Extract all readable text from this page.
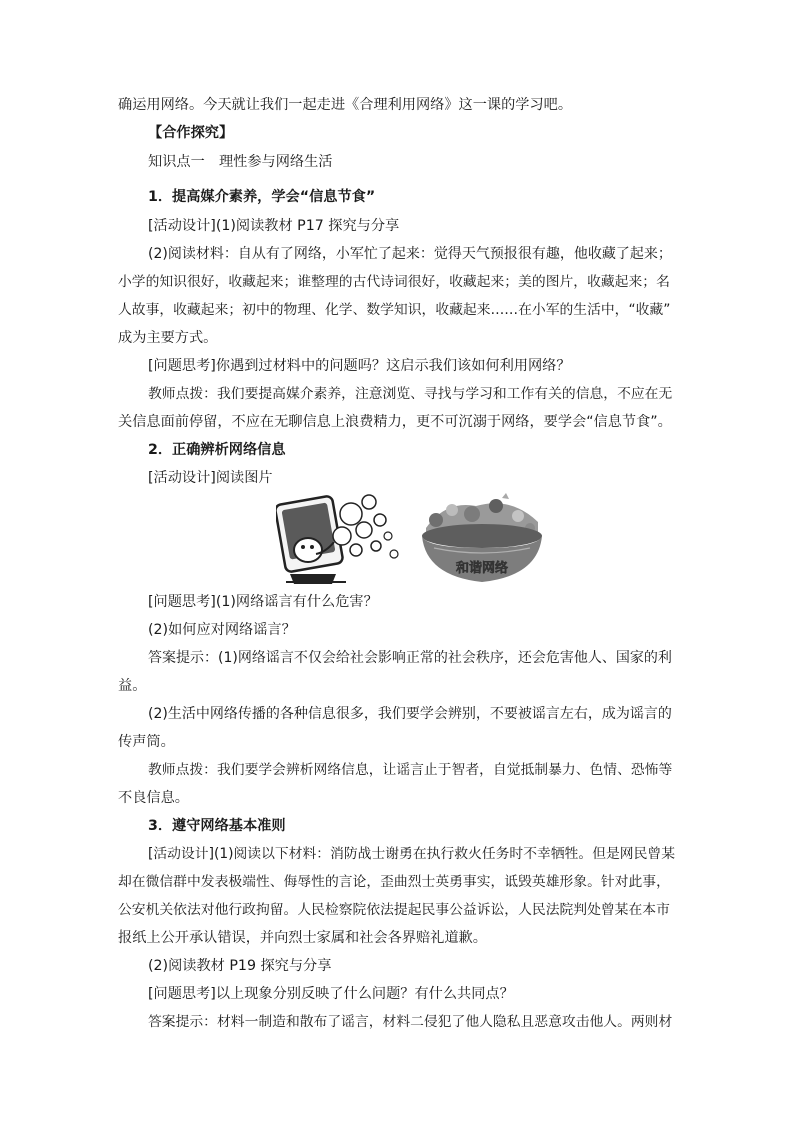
确运用网络。今天就让我们一起走进《合理利用网络》这一课的学习吧。

【合作探究】

知识点一　理性参与网络生活

1．提高媒介素养，学会“信息节食”

[活动设计](1)阅读教材 P17 探究与分享

(2)阅读材料：自从有了网络，小军忙了起来：觉得天气预报很有趣，他收藏了起来；

小学的知识很好，收藏起来；谁整理的古代诗词很好，收藏起来；美的图片，收藏起来；名

人故事，收藏起来；初中的物理、化学、数学知识，收藏起来……在小军的生活中，“收藏”

成为主要方式。

[问题思考]你遇到过材料中的问题吗？这启示我们该如何利用网络？

教师点拨：我们要提高媒介素养，注意浏览、寻找与学习和工作有关的信息，不应在无

关信息面前停留，不应在无聊信息上浪费精力，更不可沉溺于网络，要学会“信息节食”。

2．正确辨析网络信息

[活动设计]阅读图片

和谐网络

[问题思考](1)网络谣言有什么危害？

(2)如何应对网络谣言？

答案提示：(1)网络谣言不仅会给社会影响正常的社会秩序，还会危害他人、国家的利

益。

(2)生活中网络传播的各种信息很多，我们要学会辨别，不要被谣言左右，成为谣言的

传声筒。

教师点拨：我们要学会辨析网络信息，让谣言止于智者，自觉抵制暴力、色情、恐怖等

不良信息。

3．遵守网络基本准则

[活动设计](1)阅读以下材料：消防战士谢勇在执行救火任务时不幸牺牲。但是网民曾某

却在微信群中发表极端性、侮辱性的言论，歪曲烈士英勇事实，诋毁英雄形象。针对此事，

公安机关依法对他行政拘留。人民检察院依法提起民事公益诉讼，人民法院判处曾某在本市

报纸上公开承认错误，并向烈士家属和社会各界赔礼道歉。

(2)阅读教材 P19 探究与分享

[问题思考]以上现象分别反映了什么问题？有什么共同点？

答案提示：材料一制造和散布了谣言，材料二侵犯了他人隐私且恶意攻击他人。两则材
